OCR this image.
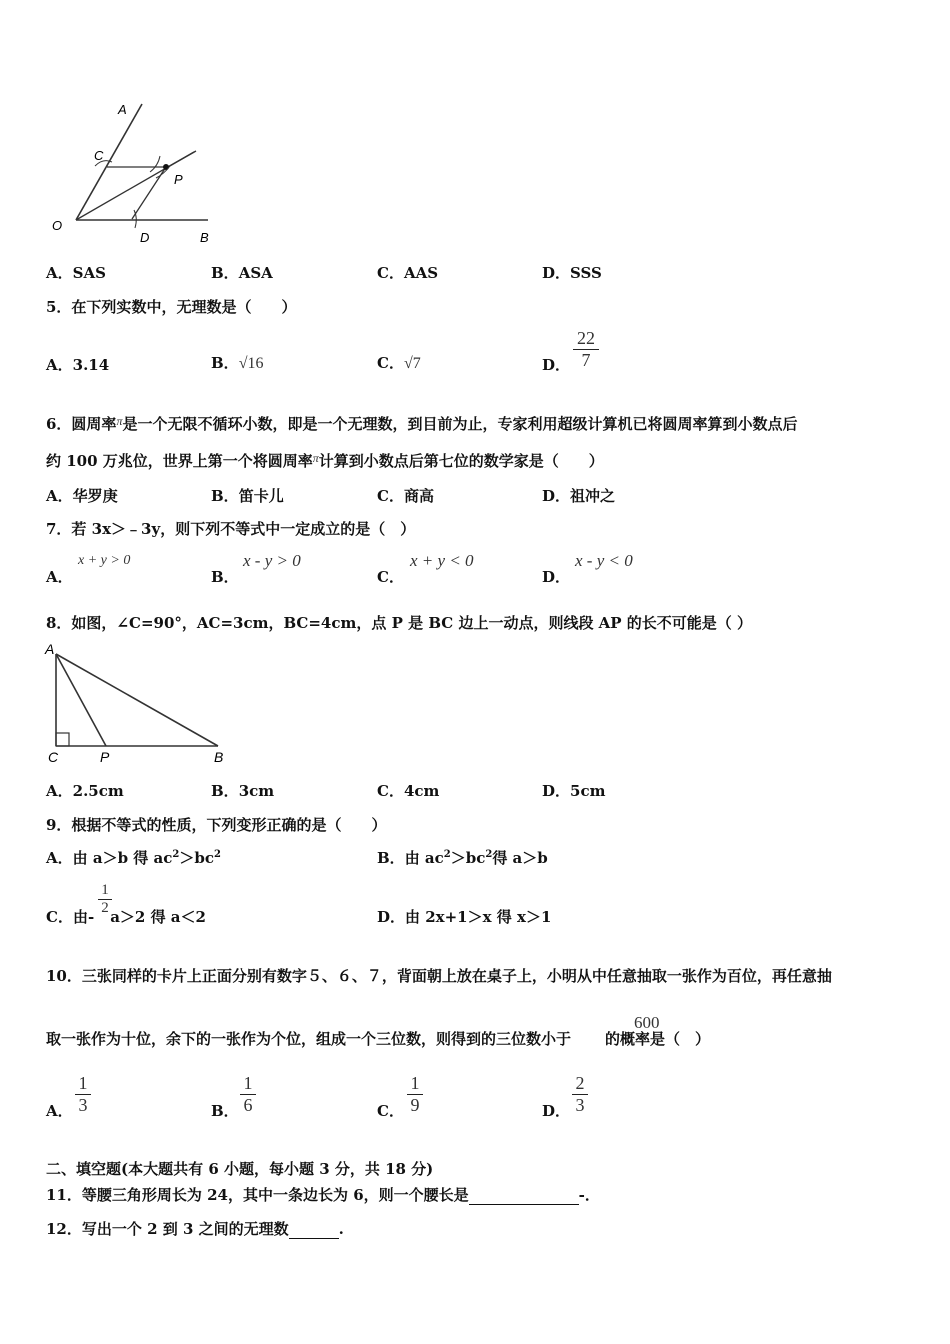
A
C
P
O
D	B
A．SAS	B．ASA	C．AAS	D．SSS
5．在下列实数中，无理数是（　　）
A．3.14	B．√16	C．√7	D．
22
7
6．圆周率$^\pi$是一个无限不循环小数，即是一个无理数，到目前为止，专家利用超级计算机已将圆周率算到小数点后
约 100 万兆位，世界上第一个将圆周率$^\pi$计算到小数点后第七位的数学家是（　　）
A．华罗庚	B．笛卡儿	C．商高	D．祖冲之
7．若 3x＞﹣3y，则下列不等式中一定成立的是（　）
A．
x + y > 0
B．
x - y > 0
C．
x + y < 0
D．
x - y < 0
8．如图，∠C=90°，AC=3cm，BC=4cm，点 P 是 BC 边上一动点，则线段 AP 的长不可能是（ ）
A
C	P	B
A．2.5cm	B．3cm	C．4cm	D．5cm
9．根据不等式的性质，下列变形正确的是（　　）
A．由 a＞b 得 $ac^2>bc^2$	B．由 $ac^2>bc^2$得 a＞b
C．由- a＞2 得 a＜2
1
2	D．由 2x+1＞x 得 x＞1
10．三张同样的卡片上正面分别有数字５、６、７，背面朝上放在桌子上，小明从中任意抽取一张作为百位，再任意抽
取一张作为十位，余下的一张作为个位，组成一个三位数，则得到的三位数小于 的概率是（　）
600
A．
1
3	B．
1
6	C．
1
9	D．
2
3
二、填空题(本大题共有 6 小题，每小题 3 分，共 18 分)
11．等腰三角形周长为 24，其中一条边长为 6，则一个腰长是	-．
12．写出一个 2 到 3 之间的无理数	.
